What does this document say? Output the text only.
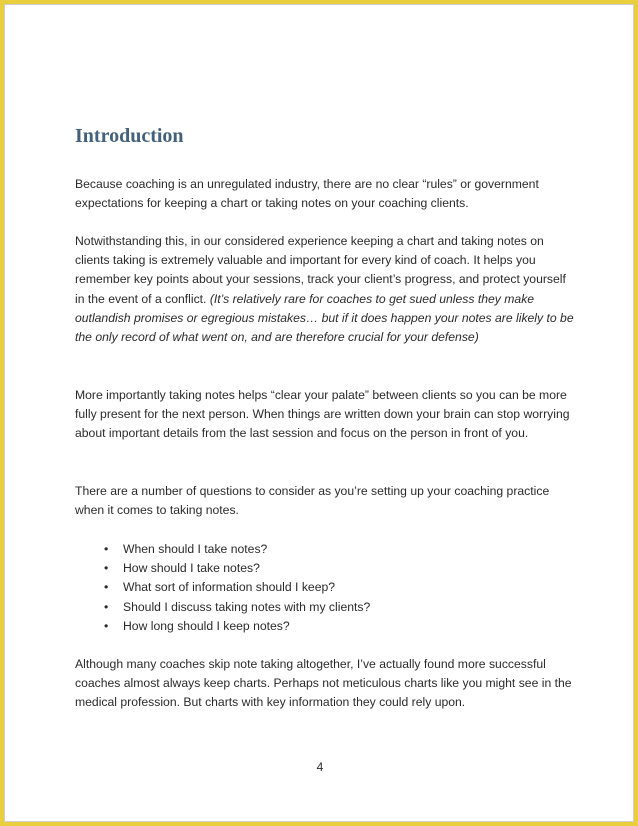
Introduction

Because coaching is an unregulated industry, there are no clear “rules” or government expectations for keeping a chart or taking notes on your coaching clients.

Notwithstanding this, in our considered experience keeping a chart and taking notes on clients taking is extremely valuable and important for every kind of coach. It helps you remember key points about your sessions, track your client’s progress, and protect yourself in the event of a conflict. (It’s relatively rare for coaches to get sued unless they make outlandish promises or egregious mistakes… but if it does happen your notes are likely to be the only record of what went on, and are therefore crucial for your defense)

More importantly taking notes helps “clear your palate” between clients so you can be more fully present for the next person. When things are written down your brain can stop worrying about important details from the last session and focus on the person in front of you.

There are a number of questions to consider as you’re setting up your coaching practice when it comes to taking notes.

• When should I take notes?
• How should I take notes?
• What sort of information should I keep?
• Should I discuss taking notes with my clients?
• How long should I keep notes?

Although many coaches skip note taking altogether, I’ve actually found more successful coaches almost always keep charts. Perhaps not meticulous charts like you might see in the medical profession. But charts with key information they could rely upon.

4
